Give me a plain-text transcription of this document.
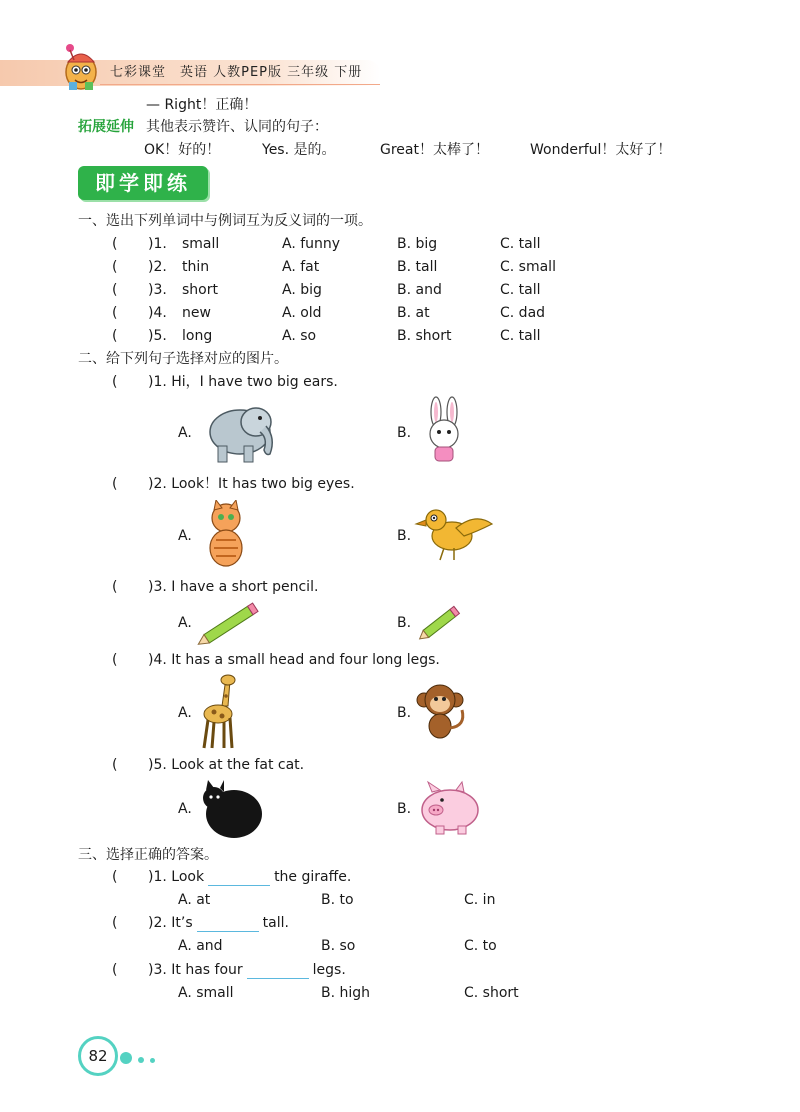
七彩课堂　英语 人教PEP版 三年级 下册
— Right！正确！
拓展延伸 其他表示赞许、认同的句子：
OK！好的！	Yes. 是的。	Great！太棒了！	Wonderful！太好了！
即学即练
一、选出下列单词中与例词互为反义词的一项。
( )1. small	A. funny	B. big	C. tall
( )2. thin	A. fat	B. tall	C. small
( )3. short	A. big	B. and	C. tall
( )4. new	A. old	B. at	C. dad
( )5. long	A. so	B. short	C. tall
二、给下列句子选择对应的图片。
( )1. Hi，I have two big ears.
A.	B.
( )2. Look！It has two big eyes.
A.	B.
( )3. I have a short pencil.
A.	B.
( )4. It has a small head and four long legs.
A.	B.
( )5. Look at the fat cat.
A.	B.
三、选择正确的答案。
( )1. Look	the giraffe.
A. at	B. to	C. in
( )2. It’s	tall.
A. and	B. so	C. to
( )3. It has four	legs.
A. small	B. high	C. short
82
